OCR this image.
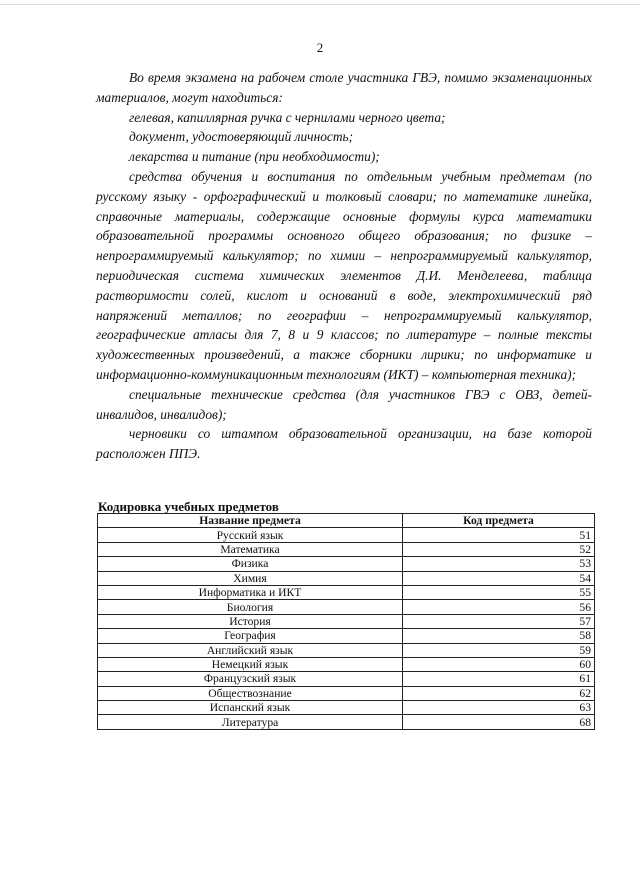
2

Во время экзамена на рабочем столе участника ГВЭ, помимо экзаменационных материалов, могут находиться:

гелевая, капиллярная ручка с чернилами черного цвета;

документ, удостоверяющий личность;

лекарства и питание (при необходимости);

средства обучения и воспитания по отдельным учебным предметам (по русскому языку - орфографический и толковый словари; по математике линейка, справочные материалы, содержащие основные формулы курса математики образовательной программы основного общего образования; по физике – непрограммируемый калькулятор; по химии – непрограммируемый калькулятор, периодическая система химических элементов Д.И. Менделеева, таблица растворимости солей, кислот и оснований в воде, электрохимический ряд напряжений металлов; по географии – непрограммируемый калькулятор, географические атласы для 7, 8 и 9 классов; по литературе – полные тексты художественных произведений, а также сборники лирики; по информатике и информационно-коммуникационным технологиям (ИКТ) – компьютерная техника);

специальные технические средства (для участников ГВЭ с ОВЗ, детей-инвалидов, инвалидов);

черновики со штампом образовательной организации, на базе которой расположен ППЭ.

Кодировка учебных предметов
Название предмета	Код предмета
Русский язык	51
Математика	52
Физика	53
Химия	54
Информатика и ИКТ	55
Биология	56
История	57
География	58
Английский язык	59
Немецкий язык	60
Французский язык	61
Обществознание	62
Испанский язык	63
Литература	68
